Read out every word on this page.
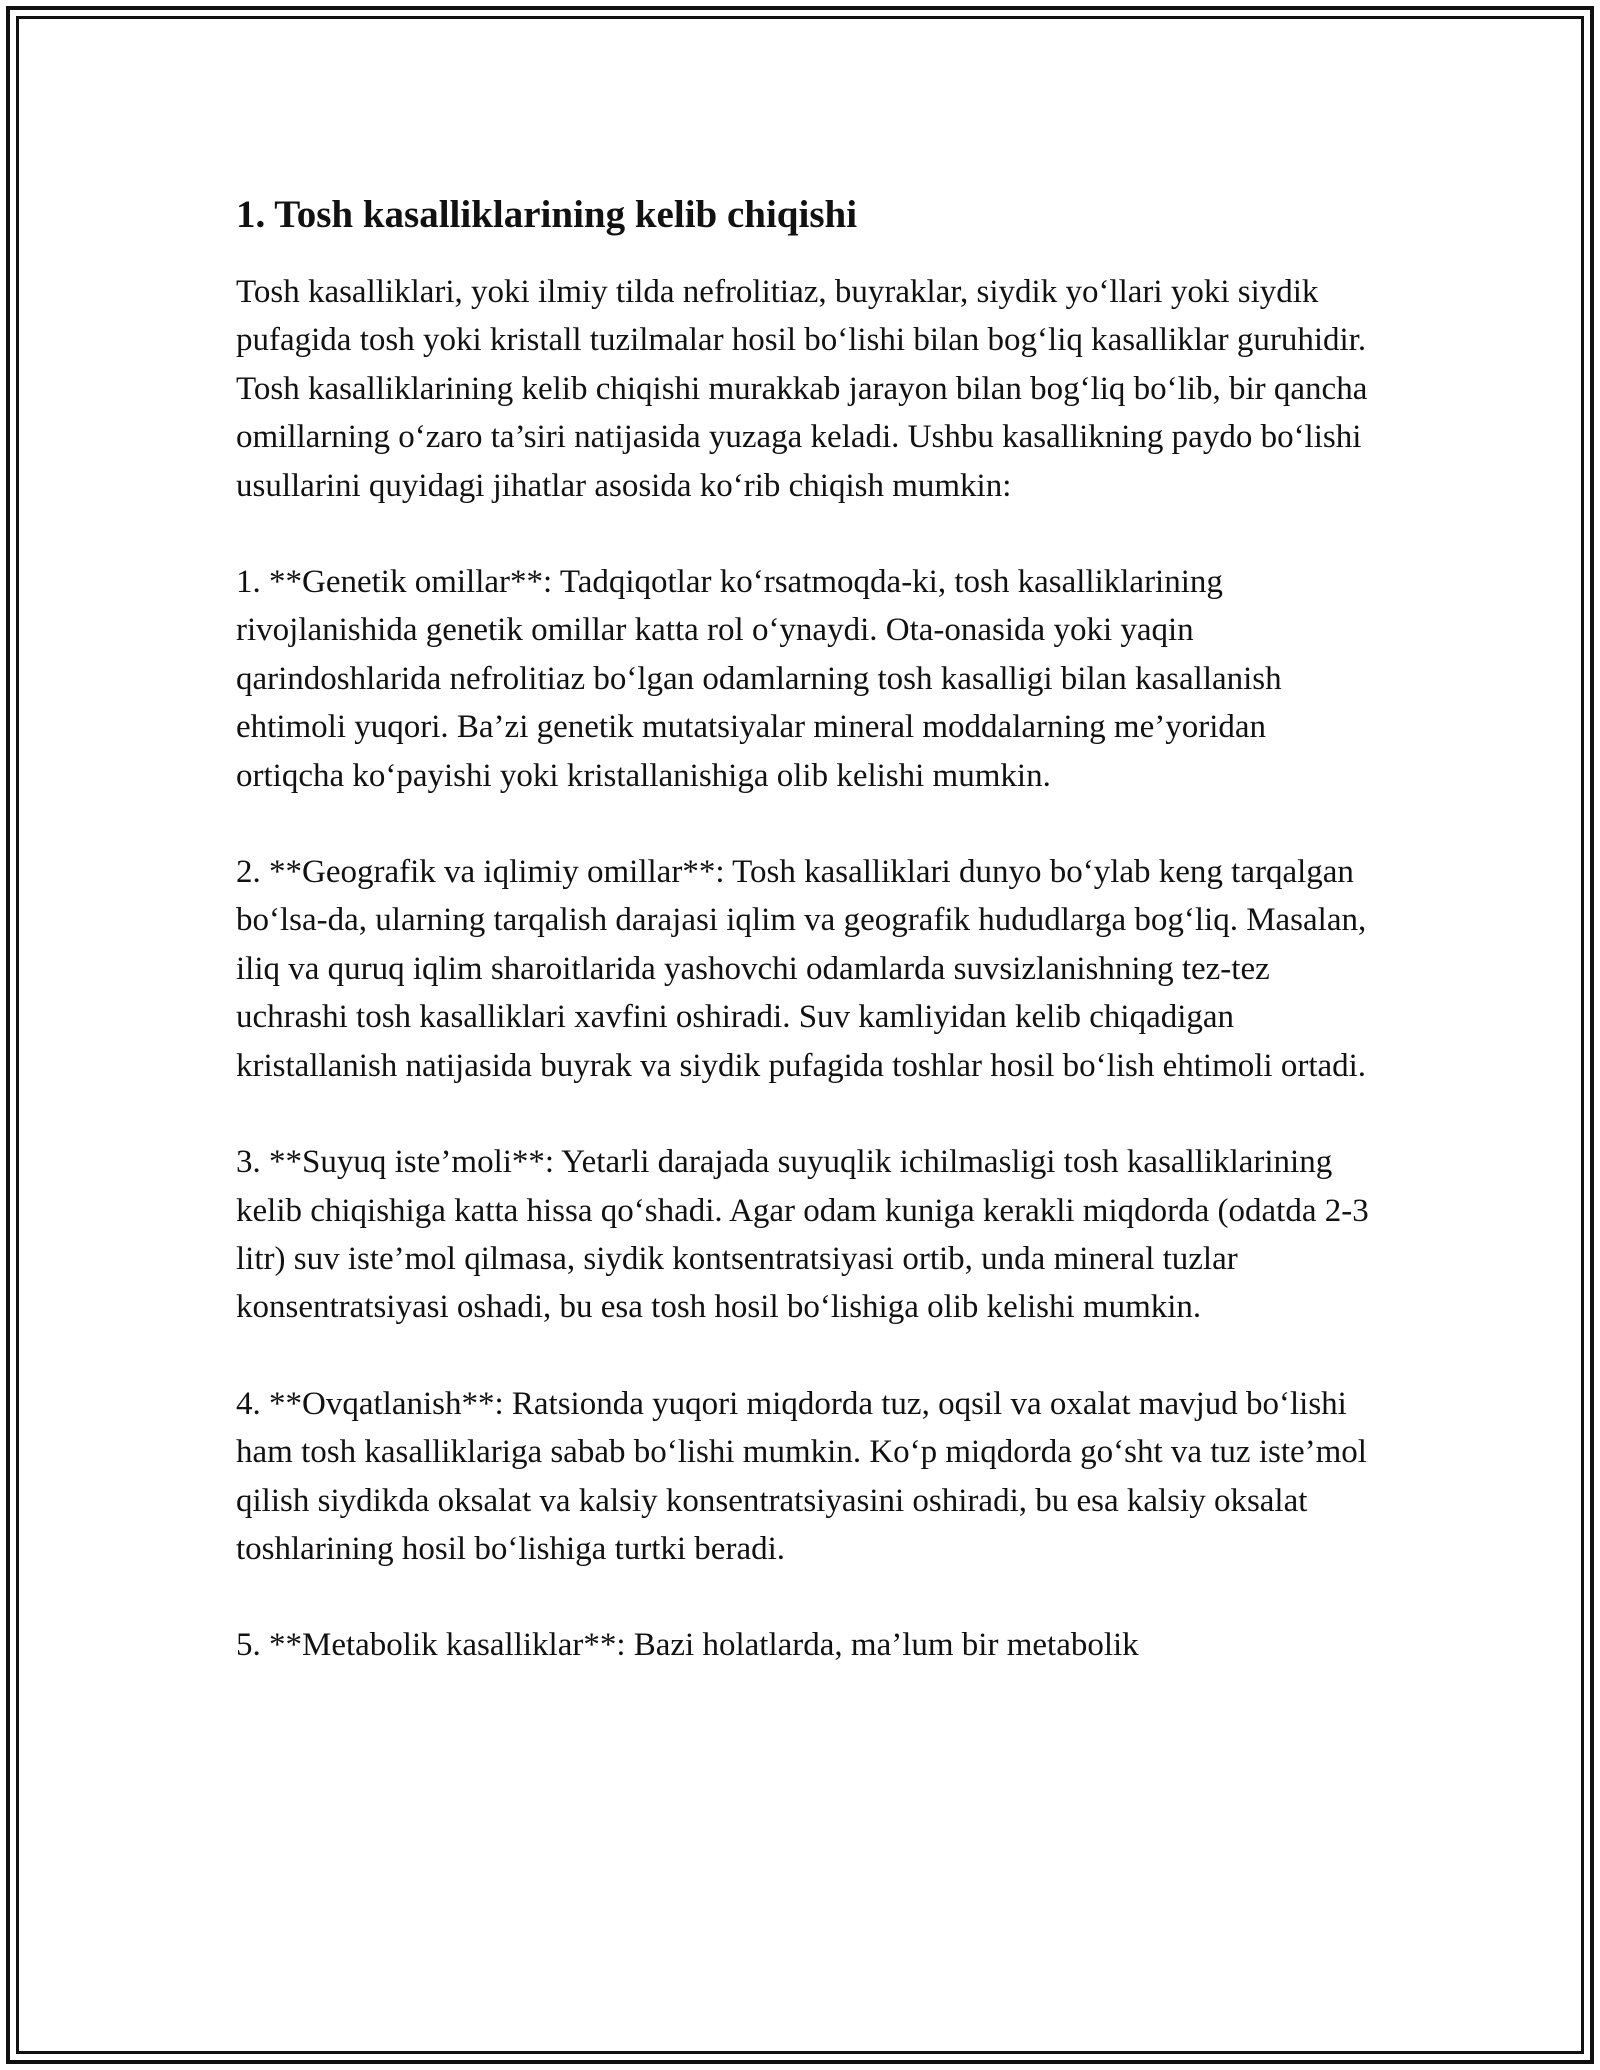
1. Tosh kasalliklarining kelib chiqishi

Tosh kasalliklari, yoki ilmiy tilda nefrolitiaz, buyraklar, siydik yo‘llari yoki siydik pufagida tosh yoki kristall tuzilmalar hosil bo‘lishi bilan bog‘liq kasalliklar guruhidir. Tosh kasalliklarining kelib chiqishi murakkab jarayon bilan bog‘liq bo‘lib, bir qancha omillarning o‘zaro ta’siri natijasida yuzaga keladi. Ushbu kasallikning paydo bo‘lishi usullarini quyidagi jihatlar asosida ko‘rib chiqish mumkin:

1. **Genetik omillar**: Tadqiqotlar ko‘rsatmoqda-ki, tosh kasalliklarining rivojlanishida genetik omillar katta rol o‘ynaydi. Ota-onasida yoki yaqin qarindoshlarida nefrolitiaz bo‘lgan odamlarning tosh kasalligi bilan kasallanish ehtimoli yuqori. Ba’zi genetik mutatsiyalar mineral moddalarning me’yoridan ortiqcha ko‘payishi yoki kristallanishiga olib kelishi mumkin.

2. **Geografik va iqlimiy omillar**: Tosh kasalliklari dunyo bo‘ylab keng tarqalgan bo‘lsa-da, ularning tarqalish darajasi iqlim va geografik hududlarga bog‘liq. Masalan, iliq va quruq iqlim sharoitlarida yashovchi odamlarda suvsizlanishning tez-tez uchrashi tosh kasalliklari xavfini oshiradi. Suv kamliyidan kelib chiqadigan kristallanish natijasida buyrak va siydik pufagida toshlar hosil bo‘lish ehtimoli ortadi.

3. **Suyuq iste’moli**: Yetarli darajada suyuqlik ichilmasligi tosh kasalliklarining kelib chiqishiga katta hissa qo‘shadi. Agar odam kuniga kerakli miqdorda (odatda 2-3 litr) suv iste’mol qilmasa, siydik kontsentratsiyasi ortib, unda mineral tuzlar konsentratsiyasi oshadi, bu esa tosh hosil bo‘lishiga olib kelishi mumkin.

4. **Ovqatlanish**: Ratsionda yuqori miqdorda tuz, oqsil va oxalat mavjud bo‘lishi ham tosh kasalliklariga sabab bo‘lishi mumkin. Ko‘p miqdorda go‘sht va tuz iste’mol qilish siydikda oksalat va kalsiy konsentratsiyasini oshiradi, bu esa kalsiy oksalat toshlarining hosil bo‘lishiga turtki beradi.

5. **Metabolik kasalliklar**: Bazi holatlarda, ma’lum bir metabolik
